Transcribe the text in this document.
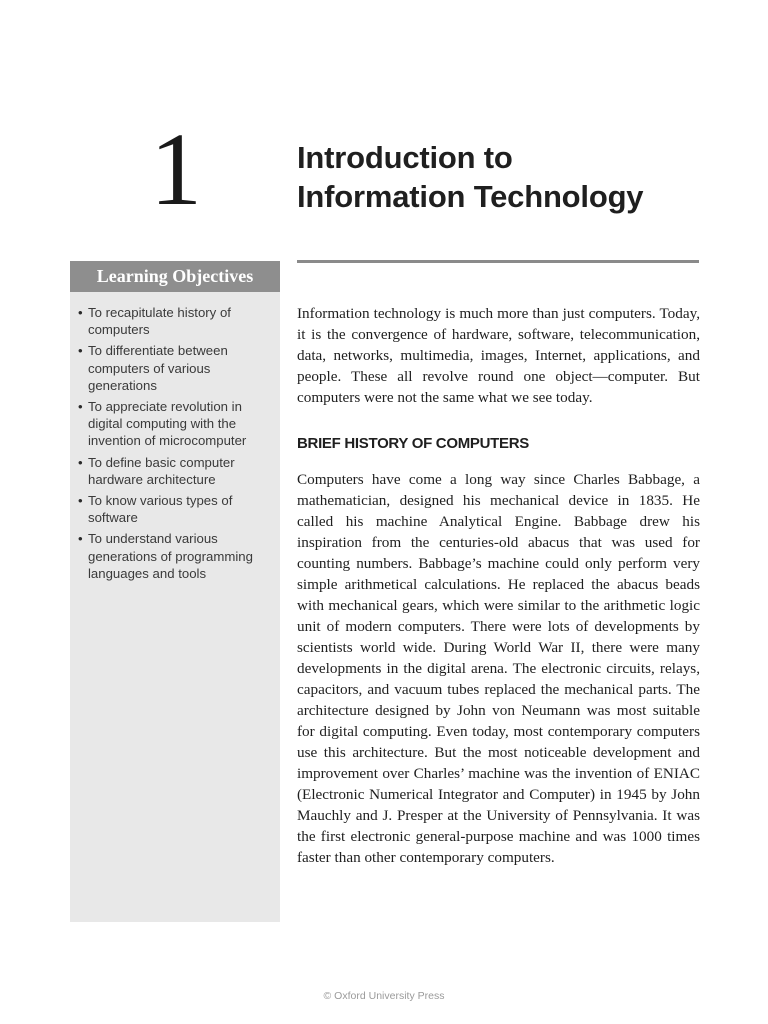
1	Introduction to
Information Technology
Learning Objectives
• To recapitulate history of computers
• To differentiate between computers of various generations
• To appreciate revolution in digital computing with the invention of microcomputer
• To define basic computer hardware architecture
• To know various types of software
• To understand various generations of programming languages and tools

Information technology is much more than just computers. Today, it is the convergence of hardware, software, telecommunication, data, networks, multimedia, images, Internet, applications, and people. These all revolve round one object—computer. But computers were not the same what we see today.

BRIEF HISTORY OF COMPUTERS

Computers have come a long way since Charles Babbage, a mathematician, designed his mechanical device in 1835. He called his machine Analytical Engine. Babbage drew his inspiration from the centuries-old abacus that was used for counting numbers. Babbage’s machine could only perform very simple arithmetical calculations. He replaced the abacus beads with mechanical gears, which were similar to the arithmetic logic unit of modern computers. There were lots of developments by scientists world wide. During World War II, there were many developments in the digital arena. The electronic circuits, relays, capacitors, and vacuum tubes replaced the mechanical parts. The architecture designed by John von Neumann was most suitable for digital computing. Even today, most contemporary computers use this architecture. But the most noticeable development and improvement over Charles’ machine was the invention of ENIAC (Electronic Numerical Integrator and Computer) in 1945 by John Mauchly and J. Presper at the University of Pennsylvania. It was the first electronic general-purpose machine and was 1000 times faster than other contemporary computers.

© Oxford University Press
